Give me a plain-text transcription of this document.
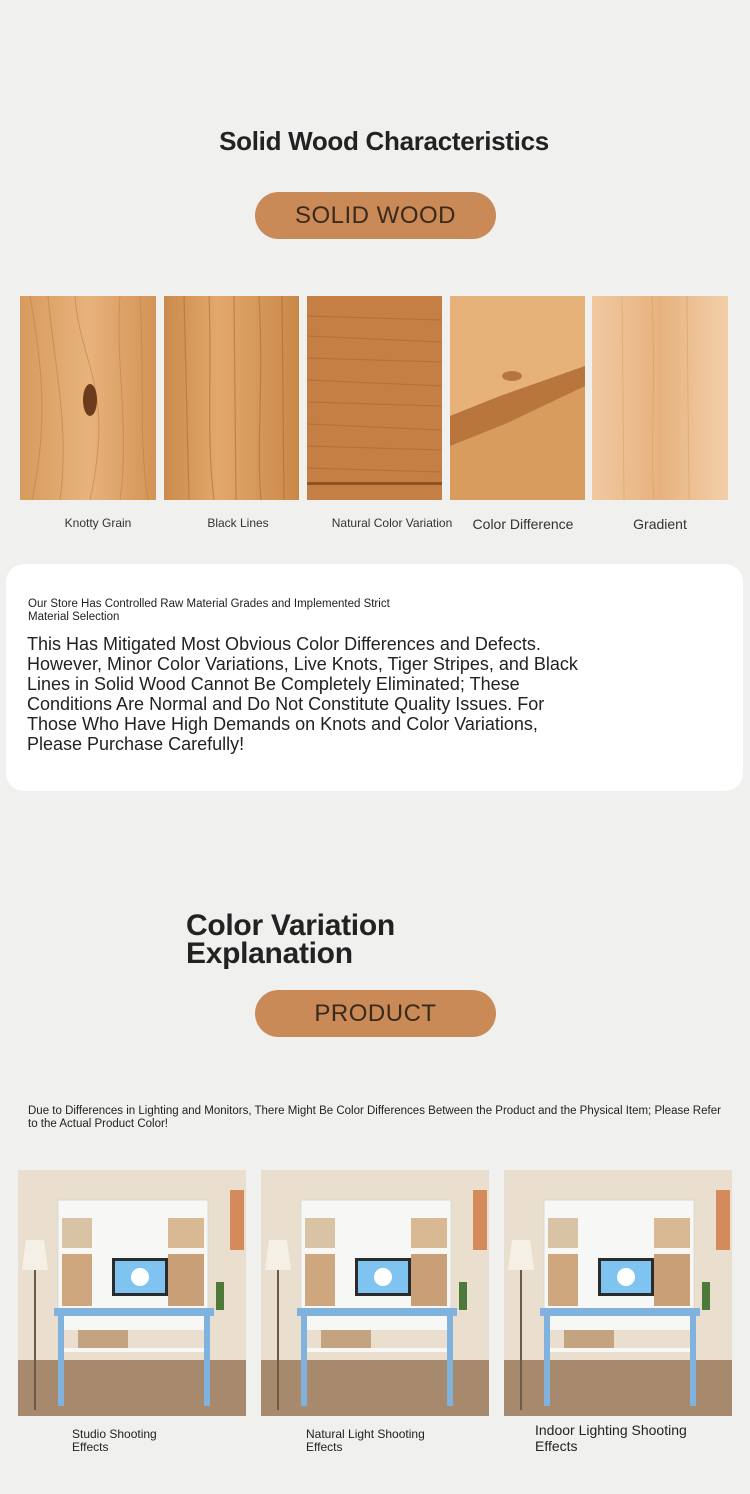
Solid Wood Characteristics
SOLID WOOD
Knotty Grain	Black Lines	Natural Color Variation	Color Difference	Gradient
Our Store Has Controlled Raw Material Grades and Implemented Strict Material Selection
This Has Mitigated Most Obvious Color Differences and Defects. However, Minor Color Variations, Live Knots, Tiger Stripes, and Black Lines in Solid Wood Cannot Be Completely Eliminated; These Conditions Are Normal and Do Not Constitute Quality Issues. For Those Who Have High Demands on Knots and Color Variations, Please Purchase Carefully!
Color Variation Explanation
PRODUCT
Due to Differences in Lighting and Monitors, There Might Be Color Differences Between the Product and the Physical Item; Please Refer to the Actual Product Color!
Studio Shooting Effects
Natural Light Shooting Effects
Indoor Lighting Shooting Effects
